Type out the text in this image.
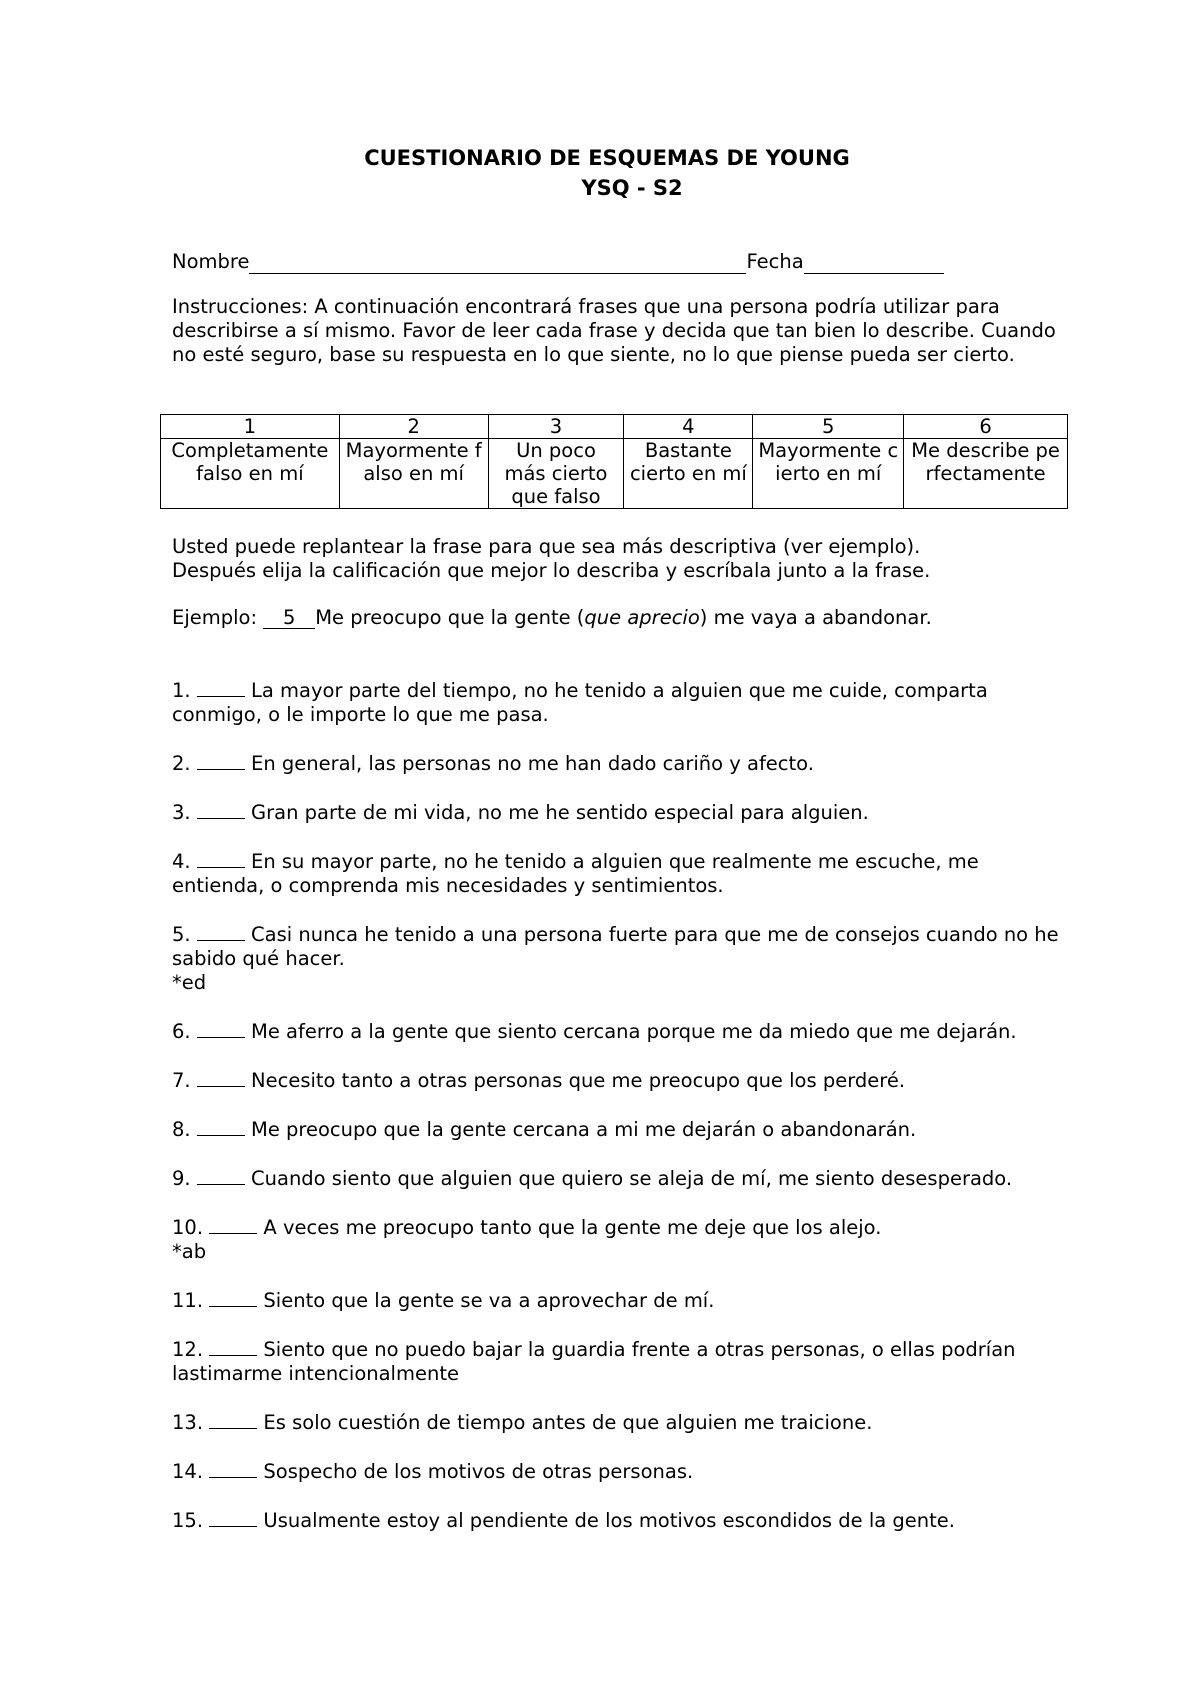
CUESTIONARIO DE ESQUEMAS DE YOUNG
YSQ - S2
Nombre	Fecha
Instrucciones: A continuación encontrará frases que una persona podría utilizar para describirse a sí mismo. Favor de leer cada frase y decida que tan bien lo describe. Cuando no esté seguro, base su respuesta en lo que siente, no lo que piense pueda ser cierto.
1	2	3	4	5	6
Completamente falso en mí	Mayormente falso en mí	Un poco más cierto que falso	Bastante cierto en mí	Mayormente cierto en mí	Me describe perfectamente
Usted puede replantear la frase para que sea más descriptiva (ver ejemplo).
Después elija la calificación que mejor lo describa y escríbala junto a la frase.
Ejemplo: 5 Me preocupo que la gente (que aprecio) me vaya a abandonar.
1.	La mayor parte del tiempo, no he tenido a alguien que me cuide, comparta conmigo, o le importe lo que me pasa.
2.	En general, las personas no me han dado cariño y afecto.
3.	Gran parte de mi vida, no me he sentido especial para alguien.
4.	En su mayor parte, no he tenido a alguien que realmente me escuche, me entienda, o comprenda mis necesidades y sentimientos.
5.	Casi nunca he tenido a una persona fuerte para que me de consejos cuando no he sabido qué hacer.
*ed
6.	Me aferro a la gente que siento cercana porque me da miedo que me dejarán.
7.	Necesito tanto a otras personas que me preocupo que los perderé.
8.	Me preocupo que la gente cercana a mi me dejarán o abandonarán.
9.	Cuando siento que alguien que quiero se aleja de mí, me siento desesperado.
10.	A veces me preocupo tanto que la gente me deje que los alejo.
*ab
11.	Siento que la gente se va a aprovechar de mí.
12.	Siento que no puedo bajar la guardia frente a otras personas, o ellas podrían lastimarme intencionalmente
13.	Es solo cuestión de tiempo antes de que alguien me traicione.
14.	Sospecho de los motivos de otras personas.
15.	Usualmente estoy al pendiente de los motivos escondidos de la gente.
